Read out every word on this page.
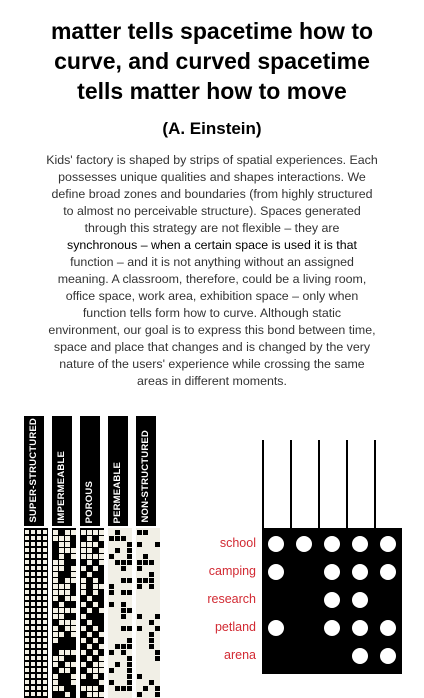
matter tells spacetime how to
curve, and curved spacetime
tells matter how to move
(A. Einstein)

Kids' factory is shaped by strips of spatial experiences. Each
possesses unique qualities and shapes interactions. We
define broad zones and boundaries (from highly structured
to almost no perceivable structure). Spaces generated
through this strategy are not flexible – they are
synchronous – when a certain space is used it is that
function – and it is not anything without an assigned
meaning. A classroom, therefore, could be a living room,
office space, work area, exhibition space – only when
function tells form how to curve. Although static
environment, our goal is to express this bond between time,
space and place that changes and is changed by the very
nature of the users' experience while crossing the same
areas in different moments.

SUPER-STRUCTURED IMPERMEABLE POROUS PERMEABLE NON-STRUCTURED
school
camping
research
petland
arena
